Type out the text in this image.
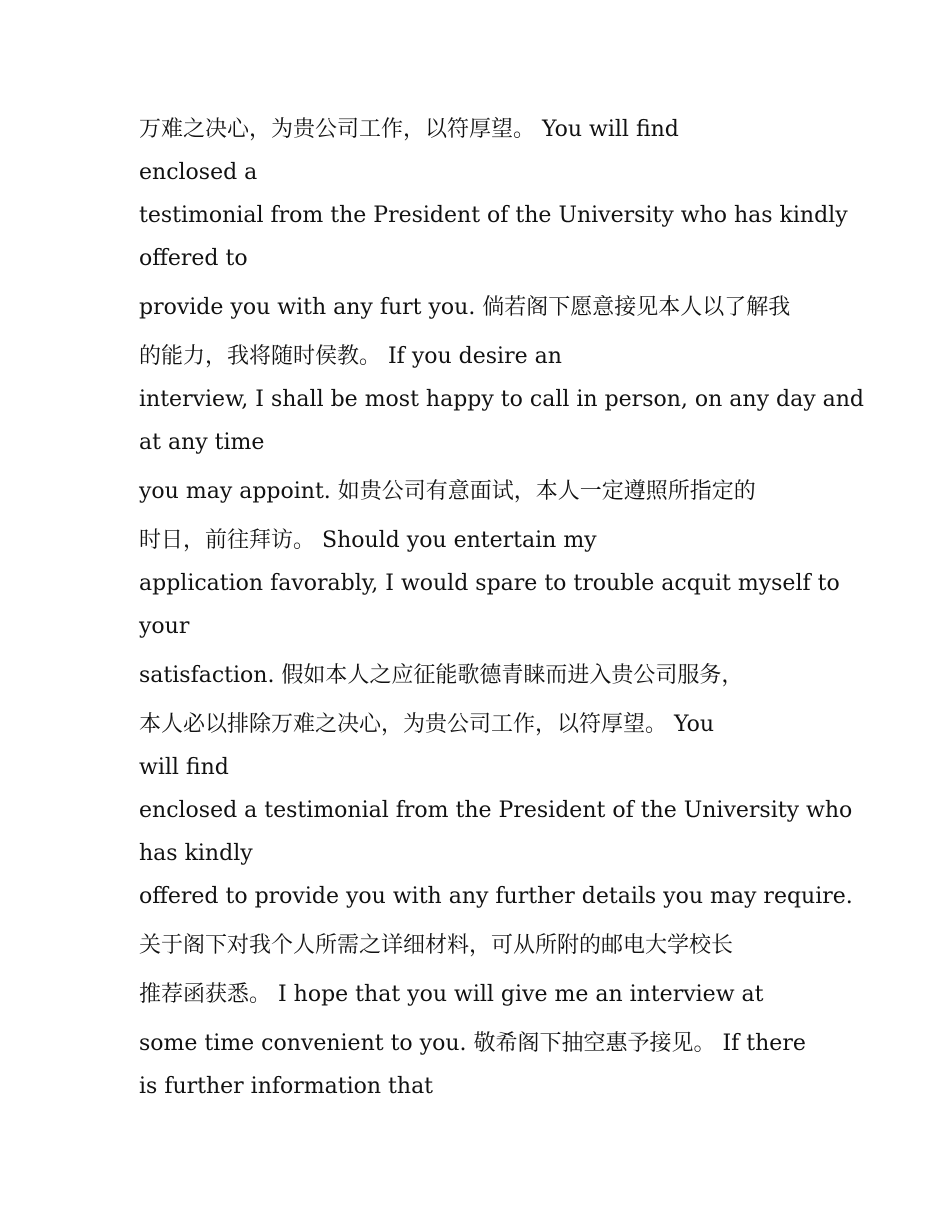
万难之决心，为贵公司工作，以符厚望。 You will find
enclosed a
testimonial from the President of the University who has kindly
offered to
provide you with any furt you. 倘若阁下愿意接见本人以了解我
的能力，我将随时侯教。 If you desire an
interview, I shall be most happy to call in person, on any day and
at any time
you may appoint. 如贵公司有意面试，本人一定遵照所指定的
时日，前往拜访。 Should you entertain my
application favorably, I would spare to trouble acquit myself to
your
satisfaction. 假如本人之应征能歌德青睐而进入贵公司服务，
本人必以排除万难之决心，为贵公司工作，以符厚望。 You
will find
enclosed a testimonial from the President of the University who
has kindly
offered to provide you with any further details you may require.
关于阁下对我个人所需之详细材料，可从所附的邮电大学校长
推荐函获悉。 I hope that you will give me an interview at
some time convenient to you. 敬希阁下抽空惠予接见。 If there
is further information that
